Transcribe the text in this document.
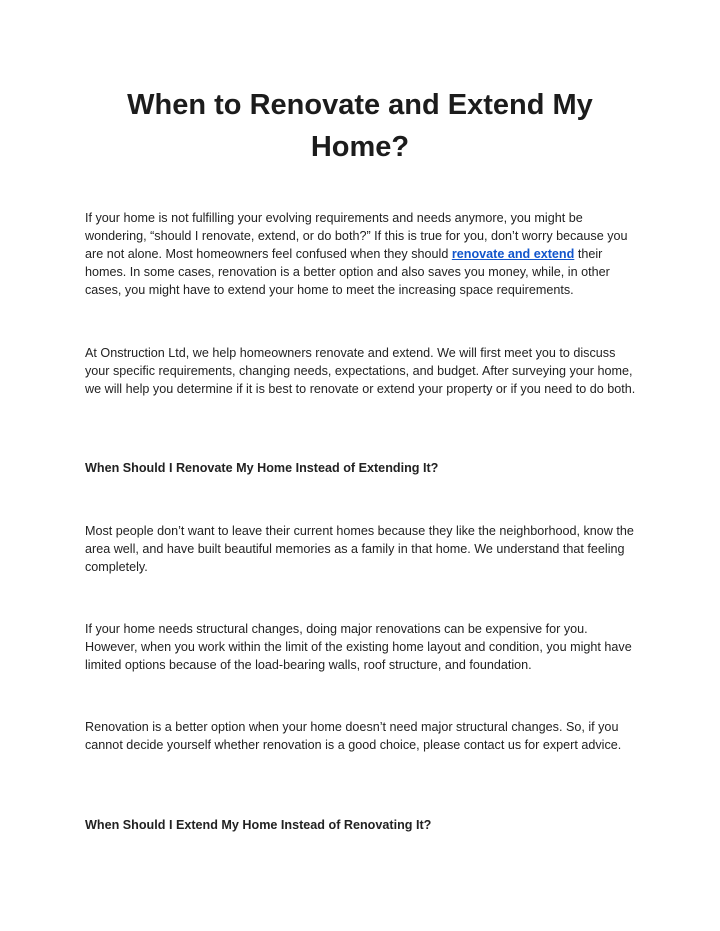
When to Renovate and Extend My Home?

If your home is not fulfilling your evolving requirements and needs anymore, you might be wondering, “should I renovate, extend, or do both?” If this is true for you, don’t worry because you are not alone. Most homeowners feel confused when they should renovate and extend their homes. In some cases, renovation is a better option and also saves you money, while, in other cases, you might have to extend your home to meet the increasing space requirements.

At Onstruction Ltd, we help homeowners renovate and extend. We will first meet you to discuss your specific requirements, changing needs, expectations, and budget. After surveying your home, we will help you determine if it is best to renovate or extend your property or if you need to do both.

When Should I Renovate My Home Instead of Extending It?

Most people don’t want to leave their current homes because they like the neighborhood, know the area well, and have built beautiful memories as a family in that home. We understand that feeling completely.

If your home needs structural changes, doing major renovations can be expensive for you. However, when you work within the limit of the existing home layout and condition, you might have limited options because of the load-bearing walls, roof structure, and foundation.

Renovation is a better option when your home doesn’t need major structural changes. So, if you cannot decide yourself whether renovation is a good choice, please contact us for expert advice.

When Should I Extend My Home Instead of Renovating It?
